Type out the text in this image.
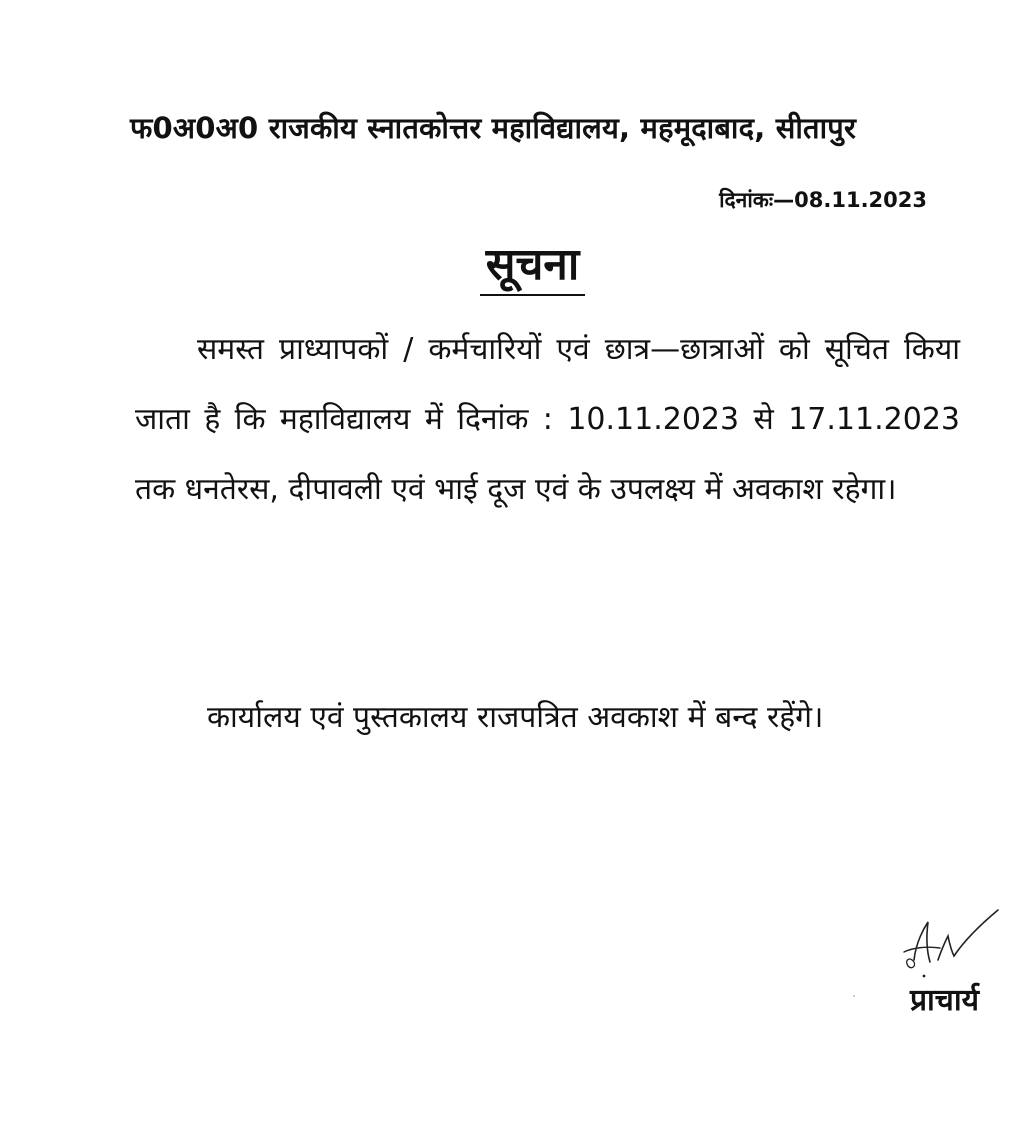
फ0अ0अ0 राजकीय स्नातकोत्तर महाविद्यालय, महमूदाबाद, सीतापुर
दिनांकः—08.11.2023
सूचना
समस्त प्राध्यापकों / कर्मचारियों एवं छात्र—छात्राओं को सूचित किया जाता है कि महाविद्यालय में दिनांक : 10.11.2023 से 17.11.2023 तक धनतेरस, दीपावली एवं भाई दूज एवं के उपलक्ष्य में अवकाश रहेगा।
कार्यालय एवं पुस्तकालय राजपत्रित अवकाश में बन्द रहेंगे।
प्राचार्य
